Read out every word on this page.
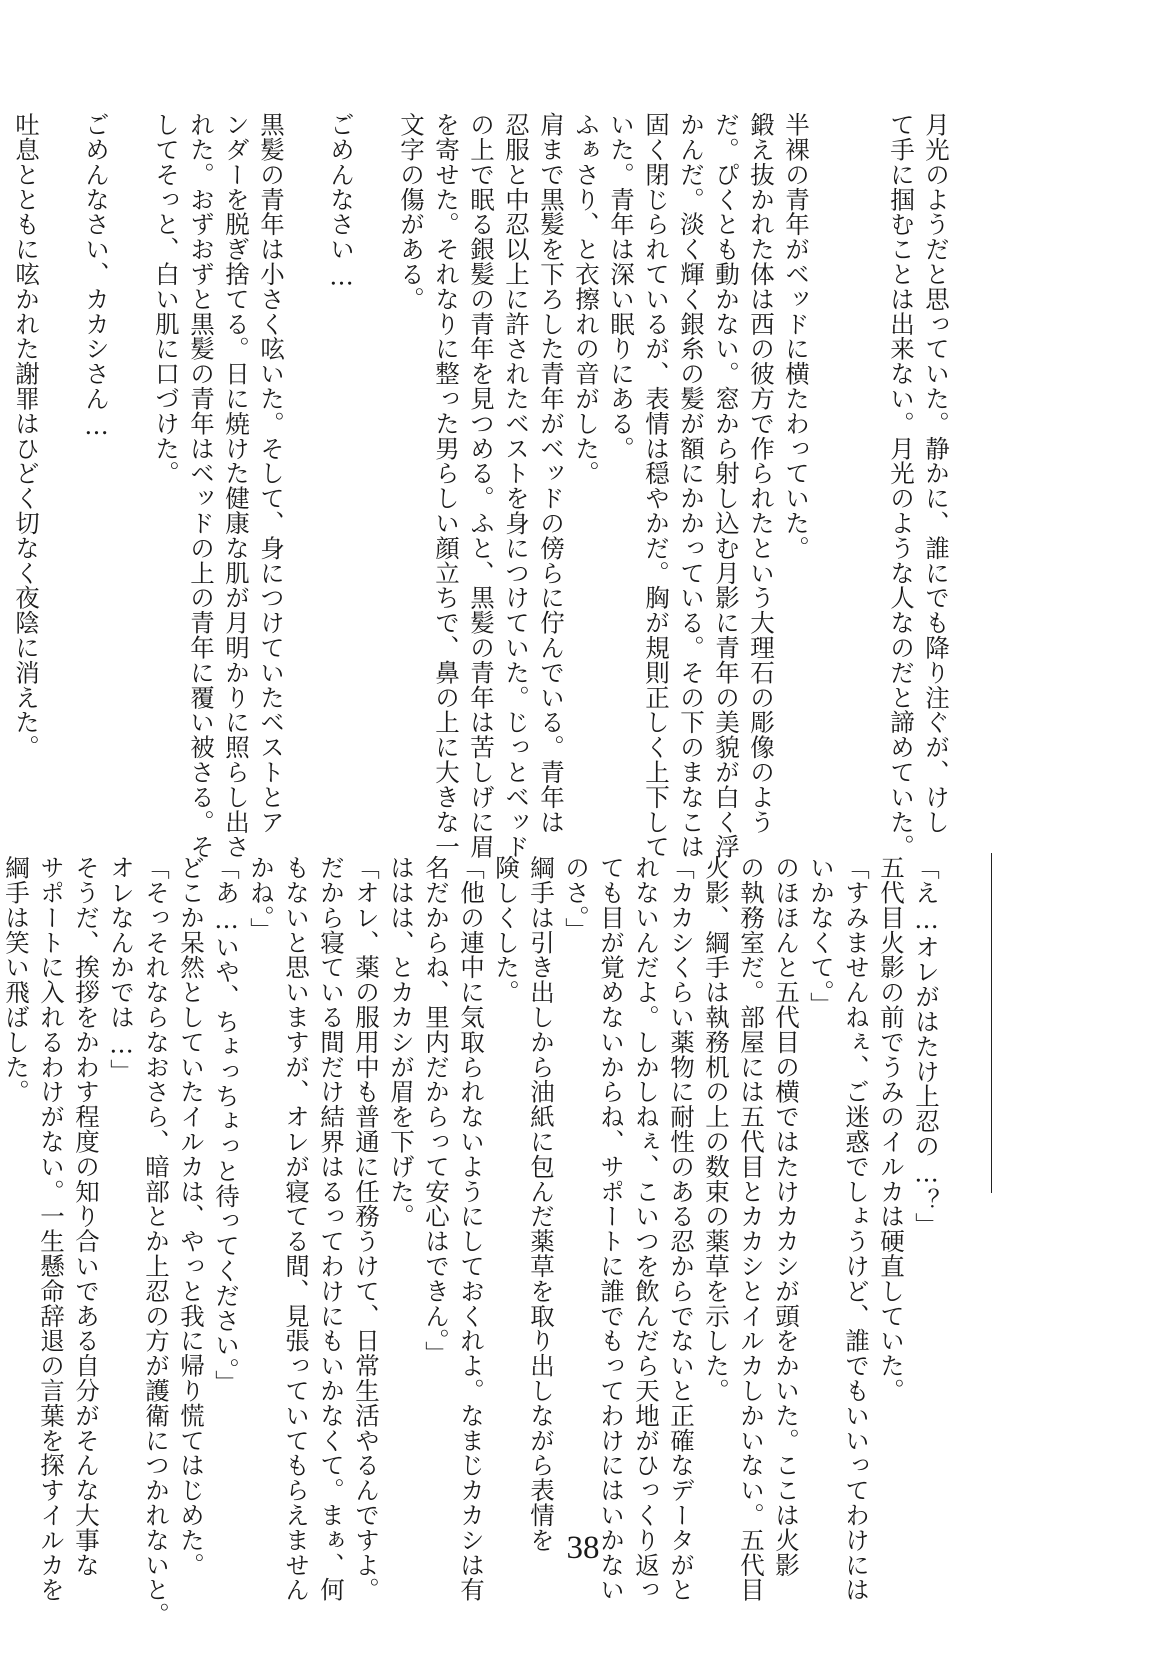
月光のようだと思っていた。静かに、誰にでも降り注ぐが、けし

て手に掴むことは出来ない。月光のような人なのだと諦めていた。

半裸の青年がベッドに横たわっていた。

鍛え抜かれた体は西の彼方で作られたという大理石の彫像のよう

だ。ぴくとも動かない。窓から射し込む月影に青年の美貌が白く浮

かんだ。淡く輝く銀糸の髪が額にかかっている。その下のまなこは

固く閉じられているが、表情は穏やかだ。胸が規則正しく上下して

いた。青年は深い眠りにある。

ふぁさり、と衣擦れの音がした。

肩まで黒髪を下ろした青年がベッドの傍らに佇んでいる。青年は

忍服と中忍以上に許されたベストを身につけていた。じっとベッド

の上で眠る銀髪の青年を見つめる。ふと、黒髪の青年は苦しげに眉

を寄せた。それなりに整った男らしい顔立ちで、鼻の上に大きな一

文字の傷がある。

ごめんなさい…

黒髪の青年は小さく呟いた。そして、身につけていたベストとア

ンダーを脱ぎ捨てる。日に焼けた健康な肌が月明かりに照らし出さ

れた。おずおずと黒髪の青年はベッドの上の青年に覆い被さる。そ

してそっと、白い肌に口づけた。

ごめんなさい、カカシさん…

吐息とともに呟かれた謝罪はひどく切なく夜陰に消えた。

「え…オレがはたけ上忍の…？」

五代目火影の前でうみのイルカは硬直していた。

「すみませんねぇ、ご迷惑でしょうけど、誰でもいいってわけには

いかなくて。」

のほほんと五代目の横ではたけカカシが頭をかいた。ここは火影

の執務室だ。部屋には五代目とカカシとイルカしかいない。五代目

火影、綱手は執務机の上の数束の薬草を示した。

「カカシくらい薬物に耐性のある忍からでないと正確なデータがと

れないんだよ。しかしねぇ、こいつを飲んだら天地がひっくり返っ

ても目が覚めないからね、サポートに誰でもってわけにはいかない

のさ。」

綱手は引き出しから油紙に包んだ薬草を取り出しながら表情を

険しくした。

「他の連中に気取られないようにしておくれよ。なまじカカシは有

名だからね、里内だからって安心はできん。」

ははは、とカカシが眉を下げた。

「オレ、薬の服用中も普通に任務うけて、日常生活やるんですよ。

だから寝ている間だけ結界はるってわけにもいかなくて。まぁ、何

もないと思いますが、オレが寝てる間、見張っていてもらえません

かね。」

「あ…いや、ちょっちょっと待ってください。」

どこか呆然としていたイルカは、やっと我に帰り慌てはじめた。

「そっそれならなおさら、暗部とか上忍の方が護衛につかれないと。

オレなんかでは…」

そうだ、挨拶をかわす程度の知り合いである自分がそんな大事な

サポートに入れるわけがない。一生懸命辞退の言葉を探すイルカを

綱手は笑い飛ばした。

38
